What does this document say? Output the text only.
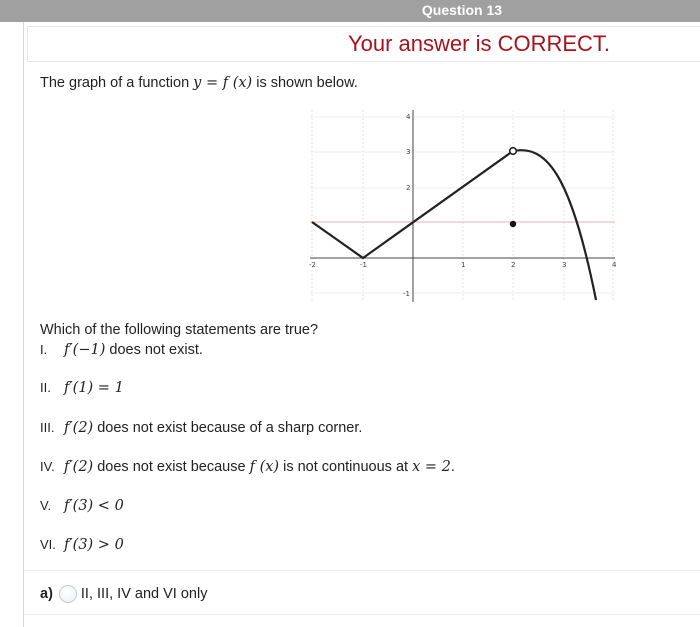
Question 13
Your answer is CORRECT.
The graph of a function y = f (x) is shown below.
-2	-1	1	2	3	4
4
3
2
-1
Which of the following statements are true?
I. f′(−1) does not exist.
II. f′(1) = 1
III. f′(2) does not exist because of a sharp corner.
IV. f′(2) does not exist because f (x) is not continuous at x = 2.
V. f′(3) < 0
VI. f′(3) > 0
a) II, III, IV and VI only
